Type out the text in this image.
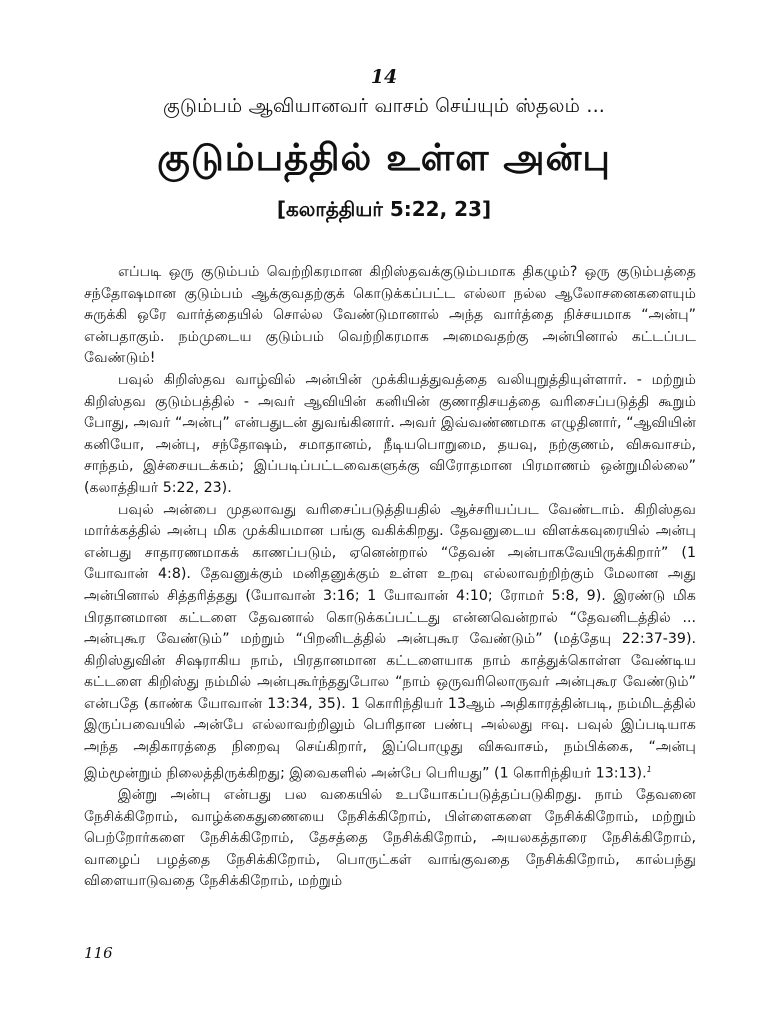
14
குடும்பம் ஆவியானவர் வாசம் செய்யும் ஸ்தலம் ...
குடும்பத்தில் உள்ள அன்பு
[கலாத்தியர் 5:22, 23]

எப்படி ஒரு குடும்பம் வெற்றிகரமான கிறிஸ்தவக்குடும்பமாக திகழும்? ஒரு குடும்பத்தை சந்தோஷமான குடும்பம் ஆக்குவதற்குக் கொடுக்கப்பட்ட எல்லா நல்ல ஆலோசனைகளையும் சுருக்கி ஒரே வார்த்தையில் சொல்ல வேண்டுமானால் அந்த வார்த்தை நிச்சயமாக “அன்பு” என்பதாகும். நம்முடைய குடும்பம் வெற்றிகரமாக அமைவதற்கு அன்பினால் கட்டப்பட வேண்டும்!

பவுல் கிறிஸ்தவ வாழ்வில் அன்பின் முக்கியத்துவத்தை வலியுறுத்தியுள்ளார். - மற்றும் கிறிஸ்தவ குடும்பத்தில் - அவர் ஆவியின் கனியின் குணாதிசயத்தை வரிசைப்படுத்தி கூறும் போது, அவர் “அன்பு” என்பதுடன் துவங்கினார். அவர் இவ்வண்ணமாக எழுதினார், “ஆவியின் கனியோ, அன்பு, சந்தோஷம், சமாதானம், நீடியபொறுமை, தயவு, நற்குணம், விசுவாசம், சாந்தம், இச்சையடக்கம்; இப்படிப்பட்டவைகளுக்கு விரோதமான பிரமாணம் ஒன்றுமில்லை” (கலாத்தியர் 5:22, 23).

பவுல் அன்பை முதலாவது வரிசைப்படுத்தியதில் ஆச்சரியப்பட வேண்டாம். கிறிஸ்தவ மார்க்கத்தில் அன்பு மிக முக்கியமான பங்கு வகிக்கிறது. தேவனுடைய விளக்கவுரையில் அன்பு என்பது சாதாரணமாகக் காணப்படும், ஏனென்றால் “தேவன் அன்பாகவேயிருக்கிறார்” (1 யோவான் 4:8). தேவனுக்கும் மனிதனுக்கும் உள்ள உறவு எல்லாவற்றிற்கும் மேலான அது அன்பினால் சித்தரித்தது (யோவான் 3:16; 1 யோவான் 4:10; ரோமர் 5:8, 9). இரண்டு மிக பிரதானமான கட்டளை தேவனால் கொடுக்கப்பட்டது என்னவென்றால் “தேவனிடத்தில் ... அன்புகூர வேண்டும்” மற்றும் “பிறனிடத்தில் அன்புகூர வேண்டும்” (மத்தேயு 22:37-39). கிறிஸ்துவின் சிஷராகிய நாம், பிரதானமான கட்டளையாக நாம் காத்துக்கொள்ள வேண்டிய கட்டளை கிறிஸ்து நம்மில் அன்புகூர்ந்ததுபோல “நாம் ஒருவரிலொருவர் அன்புகூர வேண்டும்” என்பதே (காண்க யோவான் 13:34, 35). 1 கொரிந்தியர் 13ஆம் அதிகாரத்தின்படி, நம்மிடத்தில் இருப்பவையில் அன்பே எல்லாவற்றிலும் பெரிதான பண்பு அல்லது ஈவு. பவுல் இப்படியாக அந்த அதிகாரத்தை நிறைவு செய்கிறார், இப்பொழுது விசுவாசம், நம்பிக்கை, “அன்பு இம்மூன்றும் நிலைத்திருக்கிறது; இவைகளில் அன்பே பெரியது” (1 கொரிந்தியர் 13:13).$^1$

இன்று அன்பு என்பது பல வகையில் உபயோகப்படுத்தப்படுகிறது. நாம் தேவனை நேசிக்கிறோம், வாழ்க்கைதுணையை நேசிக்கிறோம், பிள்ளைகளை நேசிக்கிறோம், மற்றும் பெற்றோர்களை நேசிக்கிறோம், தேசத்தை நேசிக்கிறோம், அயலகத்தாரை நேசிக்கிறோம், வாழைப் பழத்தை நேசிக்கிறோம், பொருட்கள் வாங்குவதை நேசிக்கிறோம், கால்பந்து விளையாடுவதை நேசிக்கிறோம், மற்றும்

116
